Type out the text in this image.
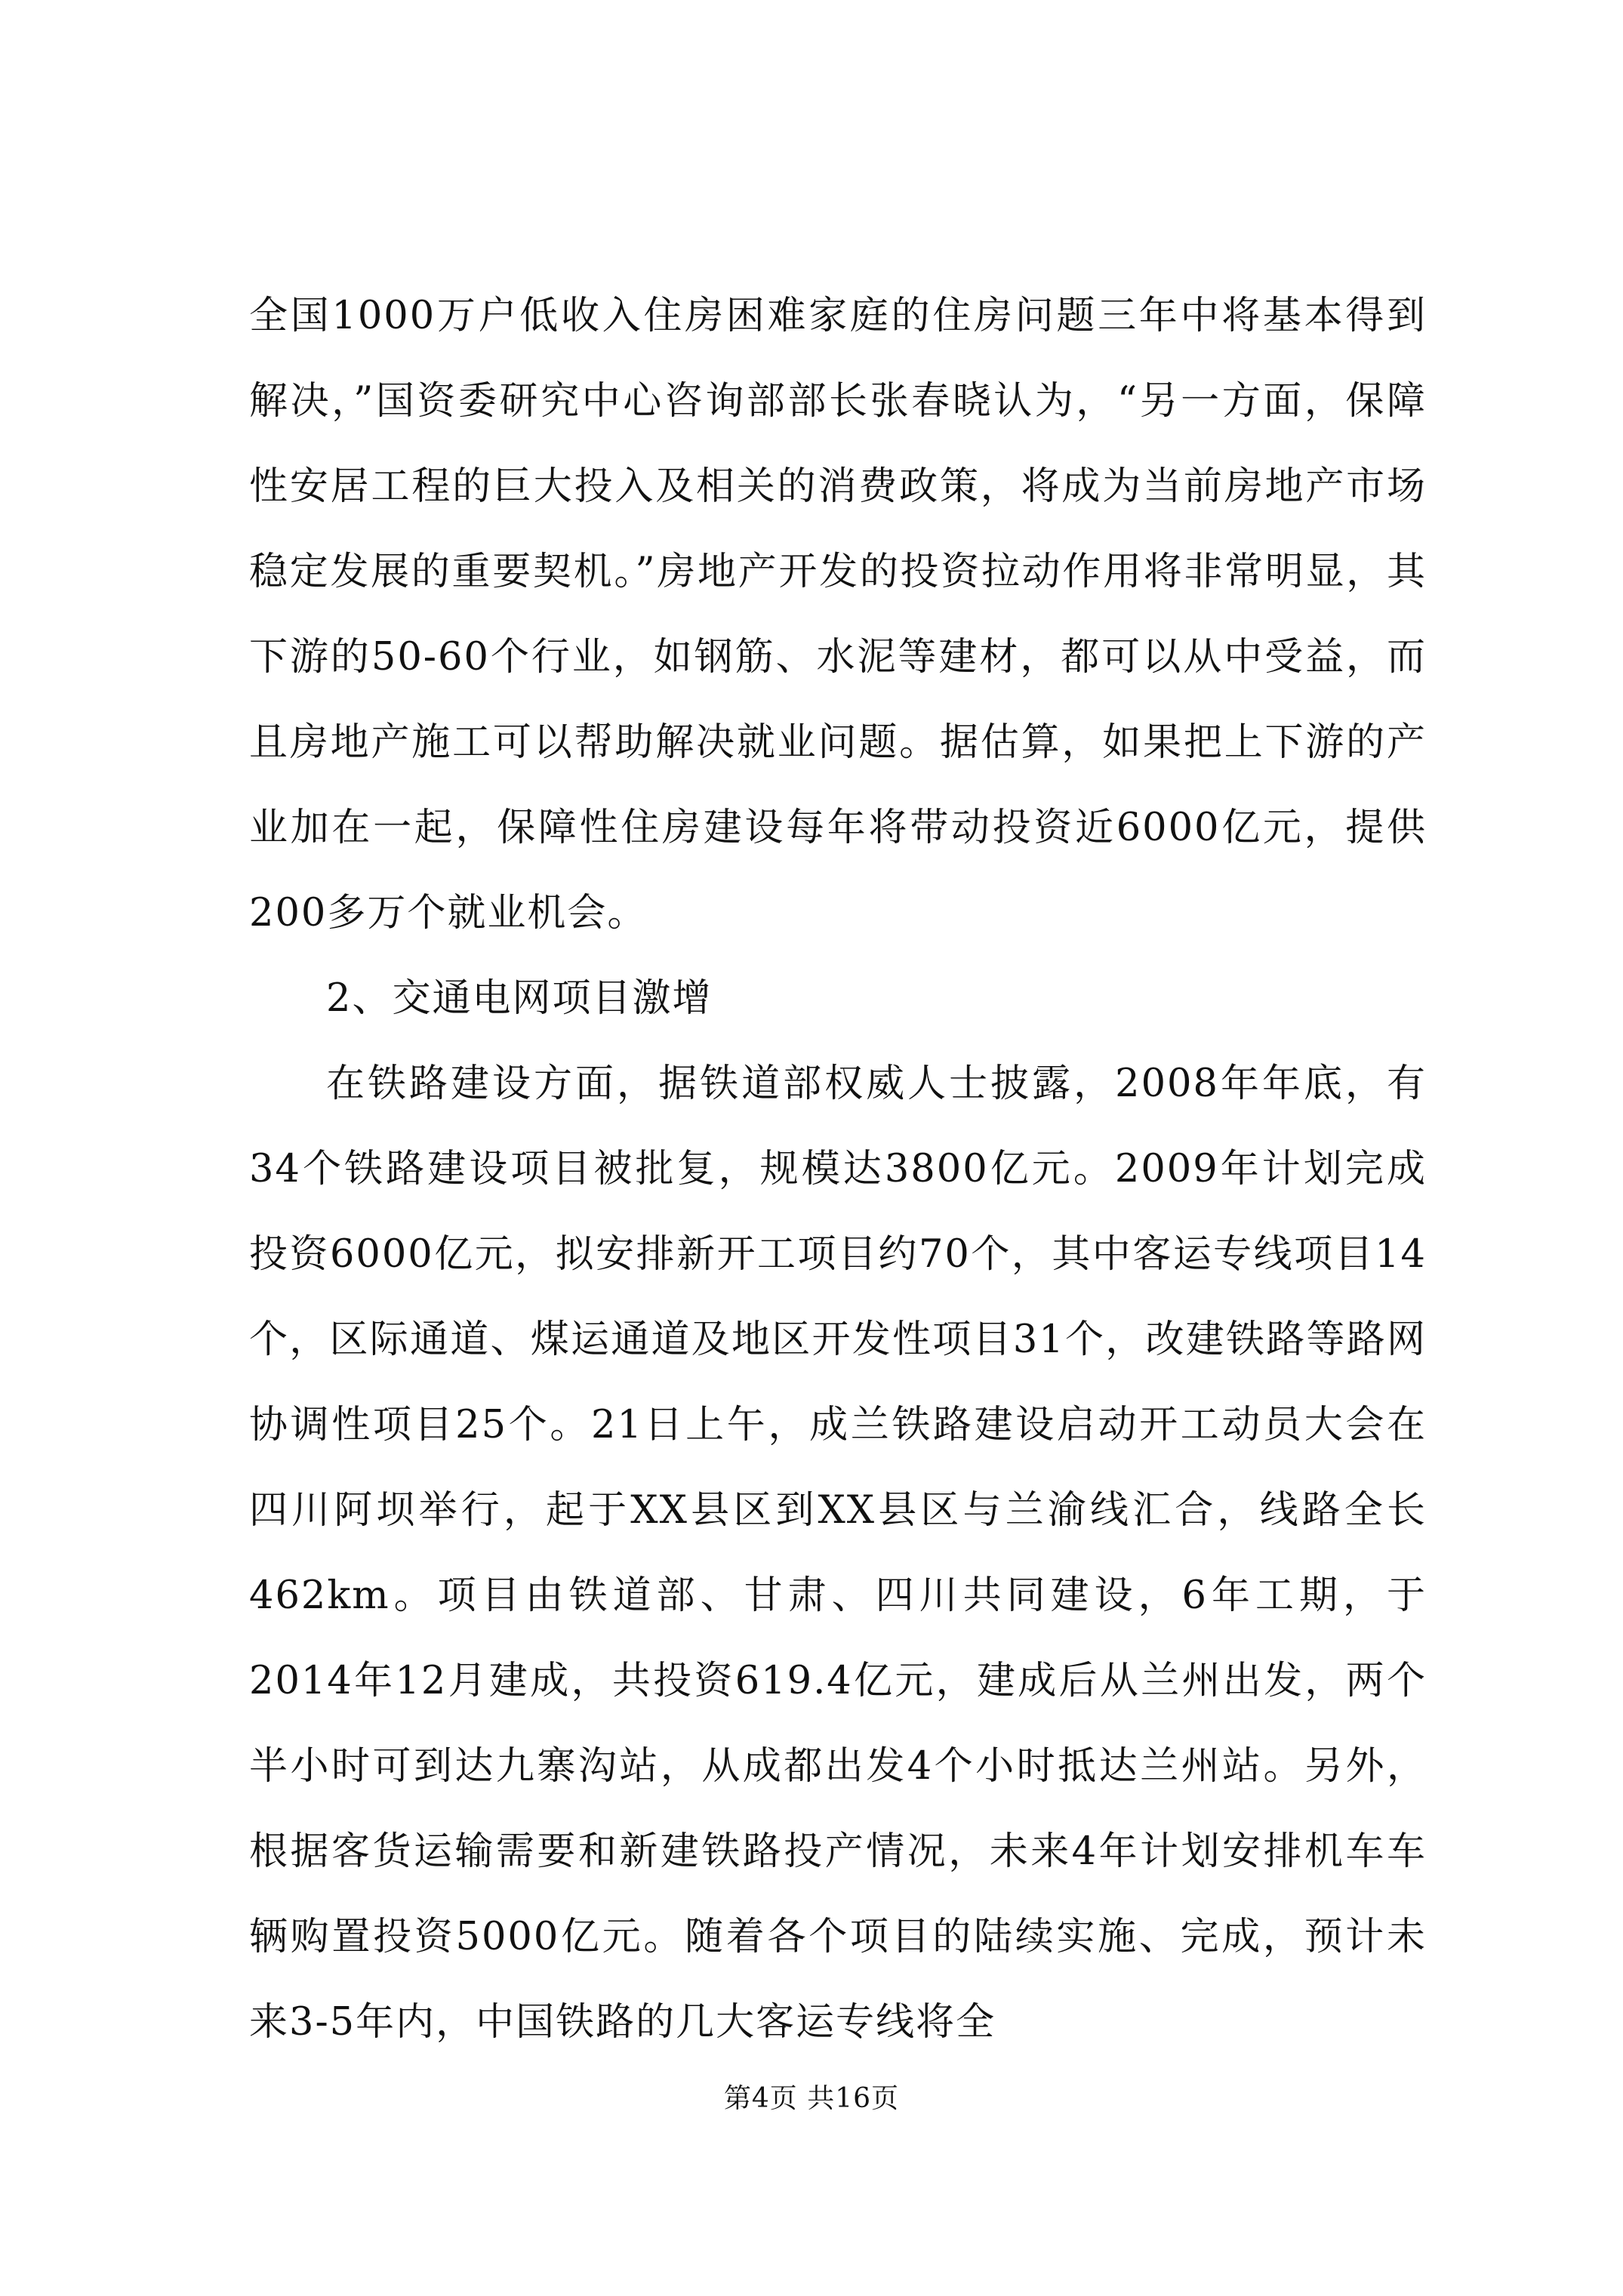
全国1000万户低收入住房困难家庭的住房问题三年中将基本得到解决，”国资委研究中心咨询部部长张春晓认为，“另一方面，保障性安居工程的巨大投入及相关的消费政策，将成为当前房地产市场稳定发展的重要契机。”房地产开发的投资拉动作用将非常明显，其下游的50-60个行业，如钢筋、水泥等建材，都可以从中受益，而且房地产施工可以帮助解决就业问题。据估算，如果把上下游的产业加在一起，保障性住房建设每年将带动投资近6000亿元，提供200多万个就业机会。

2、交通电网项目激增

在铁路建设方面，据铁道部权威人士披露，2008年年底，有34个铁路建设项目被批复，规模达3800亿元。2009年计划完成投资6000亿元，拟安排新开工项目约70个，其中客运专线项目14个，区际通道、煤运通道及地区开发性项目31个，改建铁路等路网协调性项目25个。21日上午，成兰铁路建设启动开工动员大会在四川阿坝举行，起于XX县区到XX县区与兰渝线汇合，线路全长462km。项目由铁道部、甘肃、四川共同建设，6年工期，于2014年12月建成，共投资619.4亿元，建成后从兰州出发，两个半小时可到达九寨沟站，从成都出发4个小时抵达兰州站。另外，根据客货运输需要和新建铁路投产情况，未来4年计划安排机车车辆购置投资5000亿元。随着各个项目的陆续实施、完成，预计未来3-5年内，中国铁路的几大客运专线将全

第4页 共16页
